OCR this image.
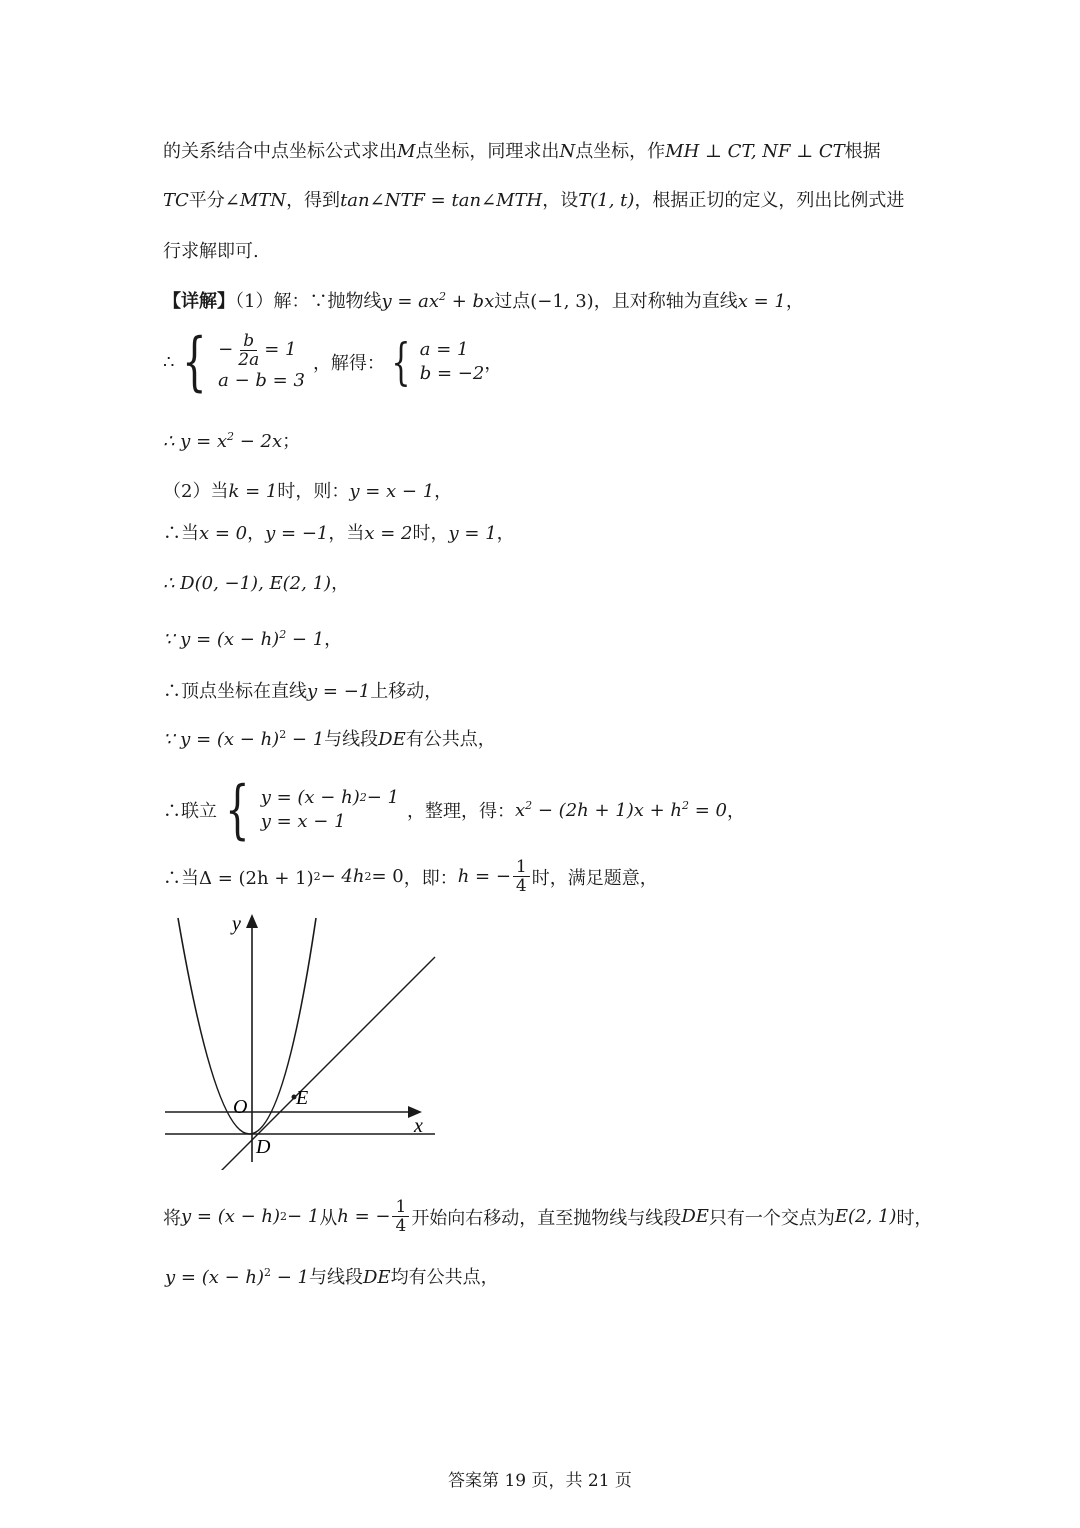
的关系结合中点坐标公式求出M点坐标，同理求出N点坐标，作MH ⊥ CT, NF ⊥ CT根据
TC平分∠MTN，得到tan∠NTF = tan∠MTH，设T(1, t)，根据正切的定义，列出比例式进
行求解即可.
【详解】（1）解：∵抛物线$y = ax^2$ + bx过点(−1, 3)，且对称轴为直线x = 1，
∴ { − $\frac{b}{2a} = 1$
a − b = 3
，解得： { a = 1
b = −2 ，
∴ $y = x^2 - 2x$；
（2）当k = 1时，则：y = x − 1，
∴当x = 0，y = −1，当x = 2时，y = 1，
∴ D(0, −1), E(2, 1)，
∵ $y = (x - h)^2 - 1$，
∴顶点坐标在直线y = −1上移动，
∵ $y = (x - h)^2 - 1$与线段DE有公共点，
∴联立 { y = (x − h) 2 − 1
y = x − 1	，整理，得： $x^2 - (2h + 1)x + h^2 = 0$ ，
∴当Δ = (2h + 1) 2 − 4h 2 = 0 ，即： h = − $\frac{1}{4}$ 时，满足题意，
y
x
O E
D
将 y = (x − h) 2 − 1 从 h = − $\frac{1}{4}$ 开始向右移动，直至抛物线与线段 DE 只有一个交点为 E(2, 1) 时，
$y = (x - h)^2 - 1$与线段DE均有公共点，
答案第 19 页，共 21 页
